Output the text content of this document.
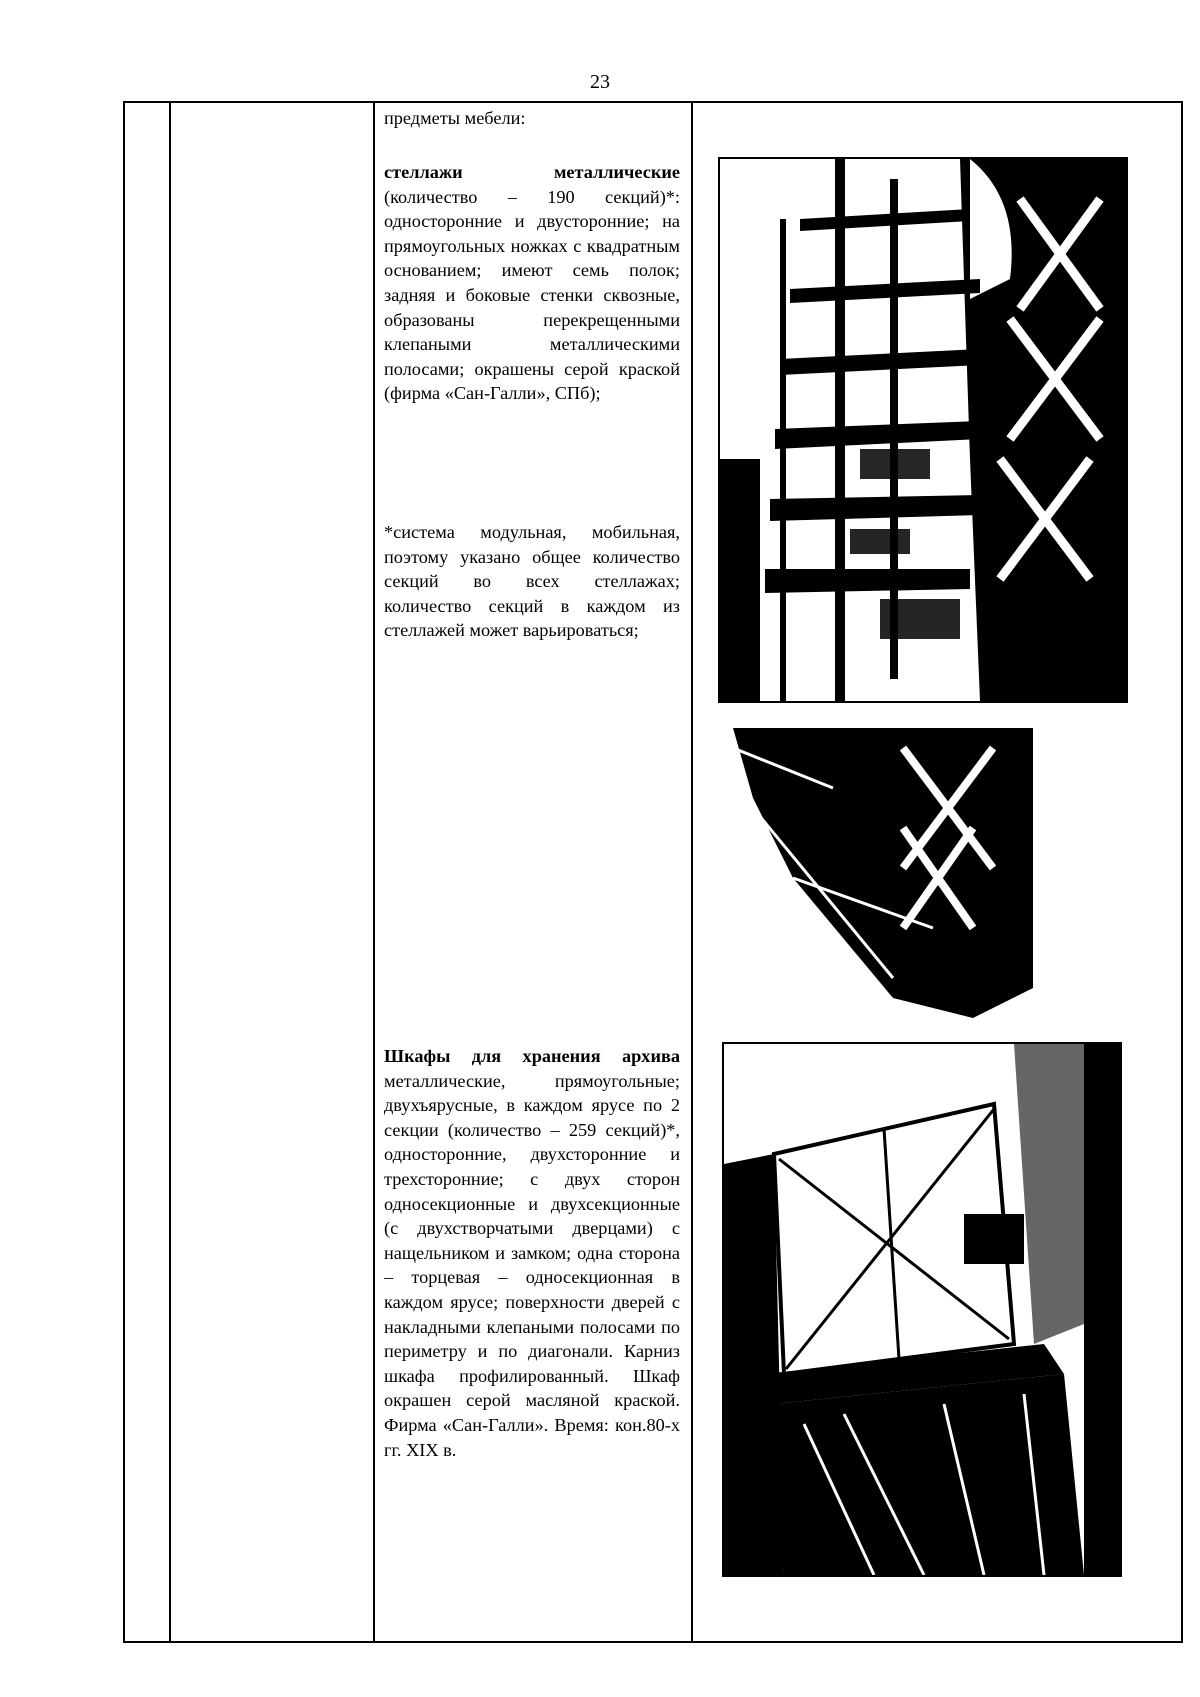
23

предметы мебели:

стеллажи металлические (количество – 190 секций)*: односторонние и двусторонние; на прямоугольных ножках с квадратным основанием; имеют семь полок; задняя и боковые стенки сквозные, образованы перекрещенными клепаными металлическими полосами; окрашены серой краской (фирма «Сан-Галли», СПб);

*система модульная, мобильная, поэтому указано общее количество секций во всех стеллажах; количество секций в каждом из стеллажей может варьироваться;

Шкафы для хранения архива металлические, прямоугольные; двухъярусные, в каждом ярусе по 2 секции (количество – 259 секций)*, односторонние, двухсторонние и трехсторонние; с двух сторон односекционные и двухсекционные (с двухстворчатыми дверцами) с нащельником и замком; одна сторона – торцевая – односекционная в каждом ярусе; поверхности дверей с накладными клепаными полосами по периметру и по диагонали. Карниз шкафа профилированный. Шкаф окрашен серой масляной краской. Фирма «Сан-Галли». Время: кон.80-х гг. XIX в.
